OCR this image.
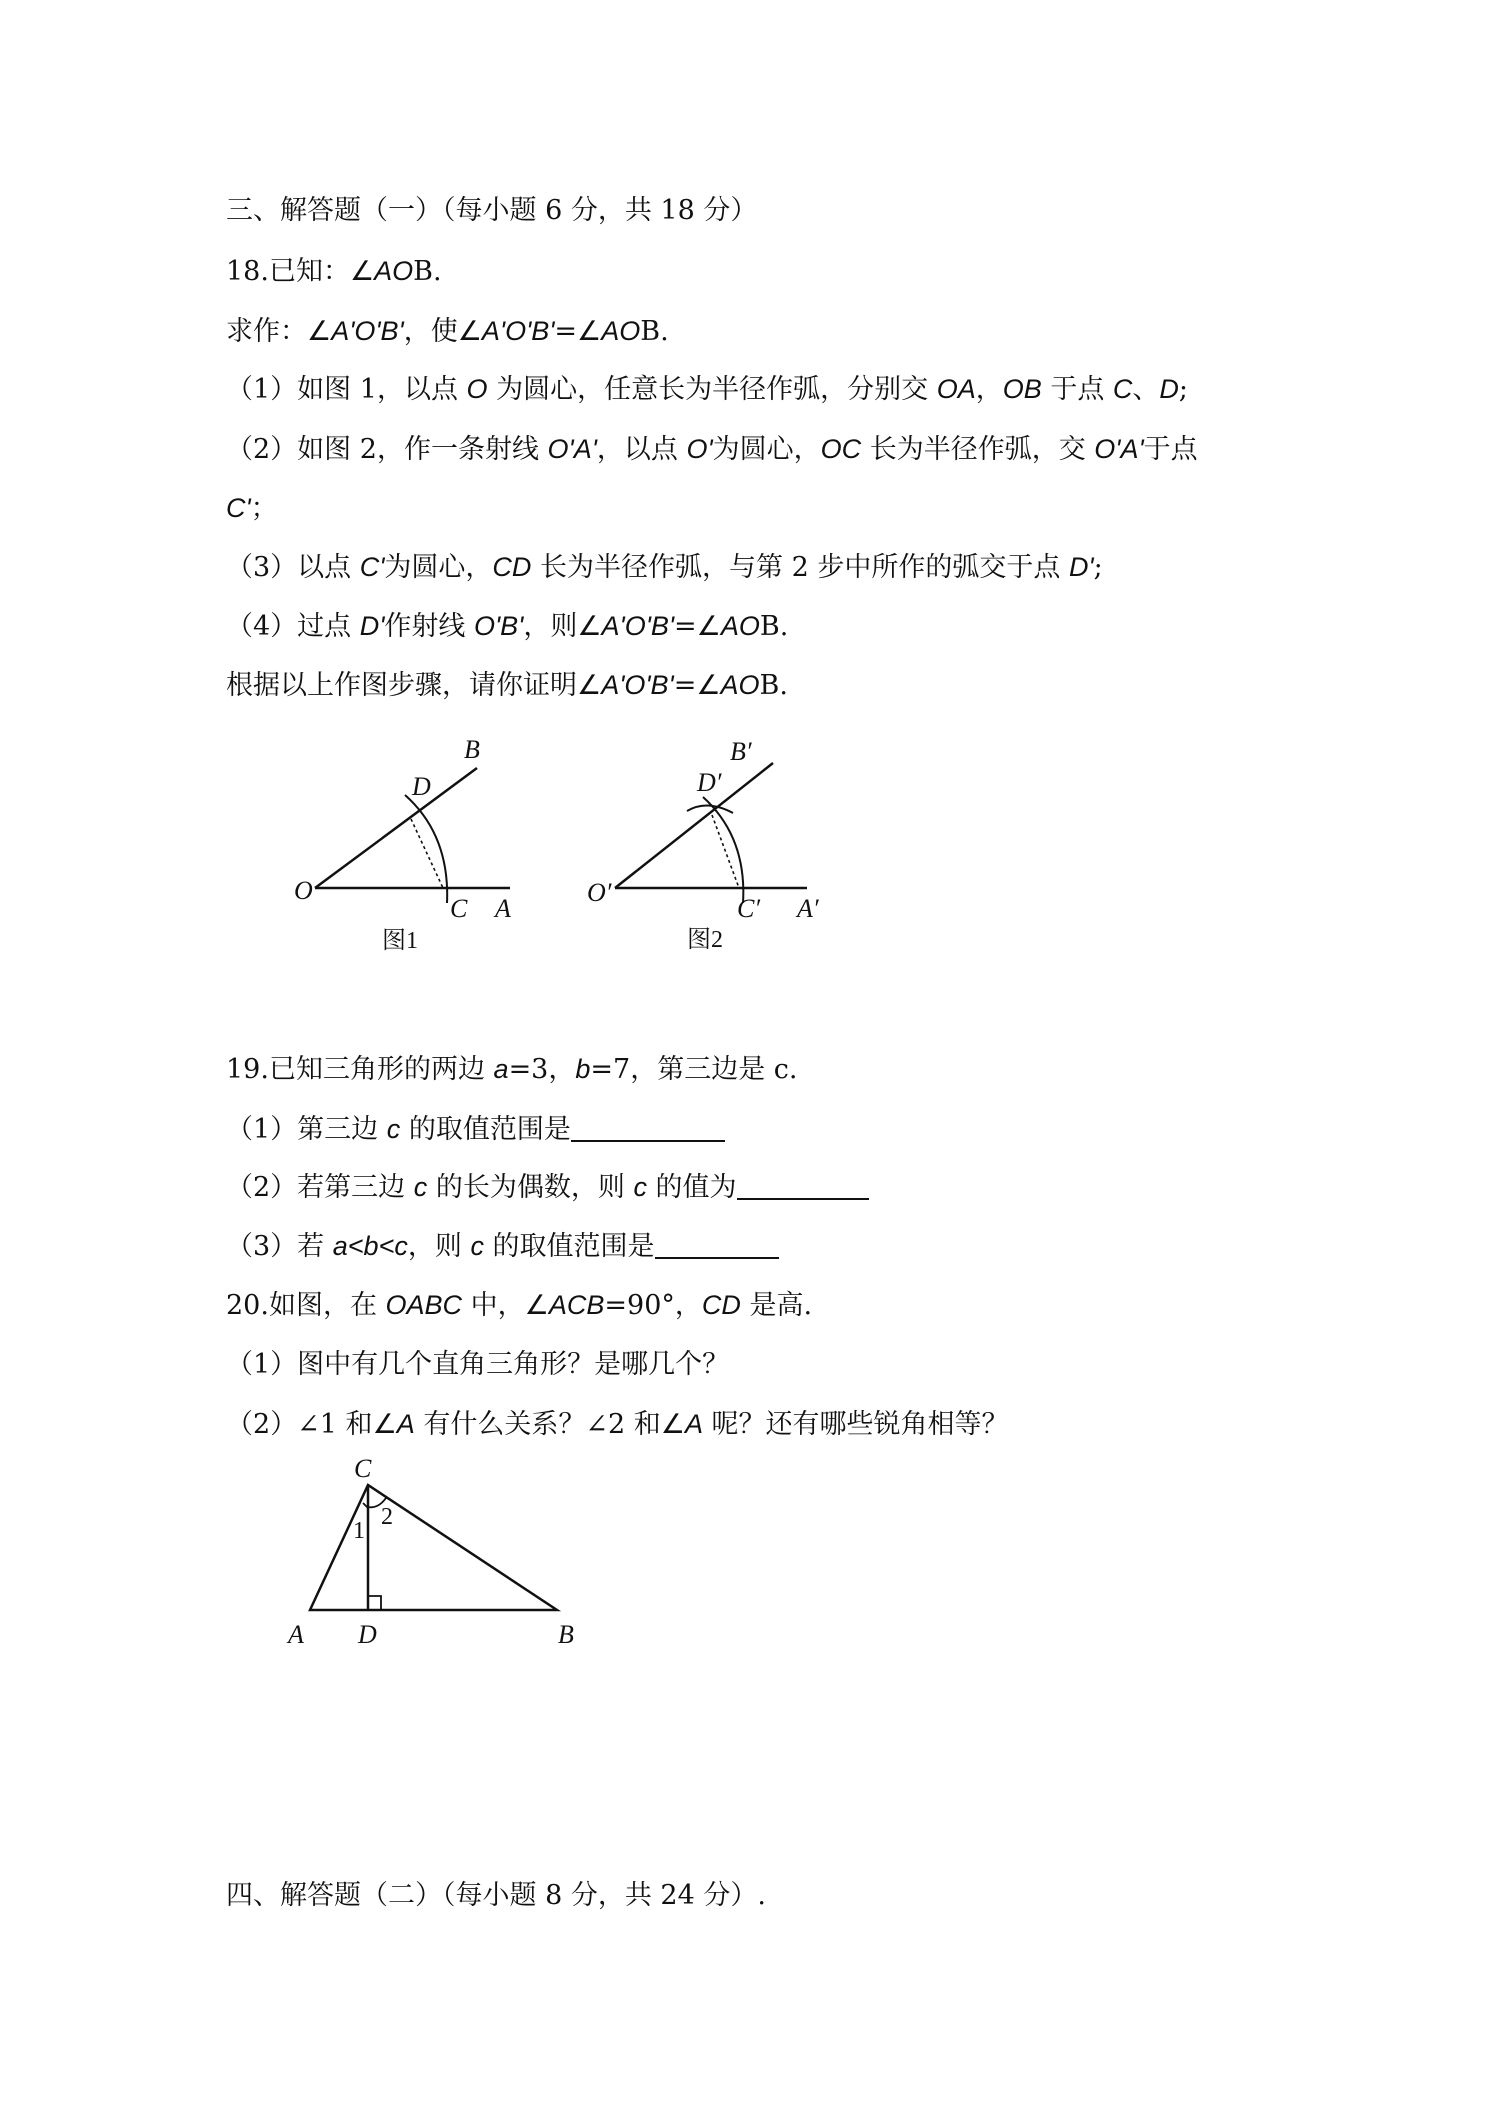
三、解答题（一）（每小题 6 分，共 18 分）
18.已知：∠AOB.
求作：∠A'O'B'，使∠A'O'B'=∠AOB.
（1）如图 1，以点 O 为圆心，任意长为半径作弧，分别交 OA，OB 于点 C、D;
（2）如图 2，作一条射线 O'A'，以点 O'为圆心，OC 长为半径作弧，交 O'A'于点
C'；
（3）以点 C'为圆心，CD 长为半径作弧，与第 2 步中所作的弧交于点 D';
（4）过点 D'作射线 O'B'，则∠A'O'B'=∠AOB.
根据以上作图步骤，请你证明∠A'O'B'=∠AOB.
O
B
D
C A
图1
O′
B′
D′
C′ A′
图2
19.已知三角形的两边 a=3，b=7，第三边是 c.
（1）第三边 c 的取值范围是
（2）若第三边 c 的长为偶数，则 c 的值为
（3）若 a<b<c，则 c 的取值范围是
20.如图，在 OABC 中，∠ACB=90°，CD 是高.
（1）图中有几个直角三角形？是哪几个？
（2）∠1 和∠A 有什么关系？∠2 和∠A 呢？还有哪些锐角相等？
C
1
2
A D	B
四、解答题（二）（每小题 8 分，共 24 分）.
